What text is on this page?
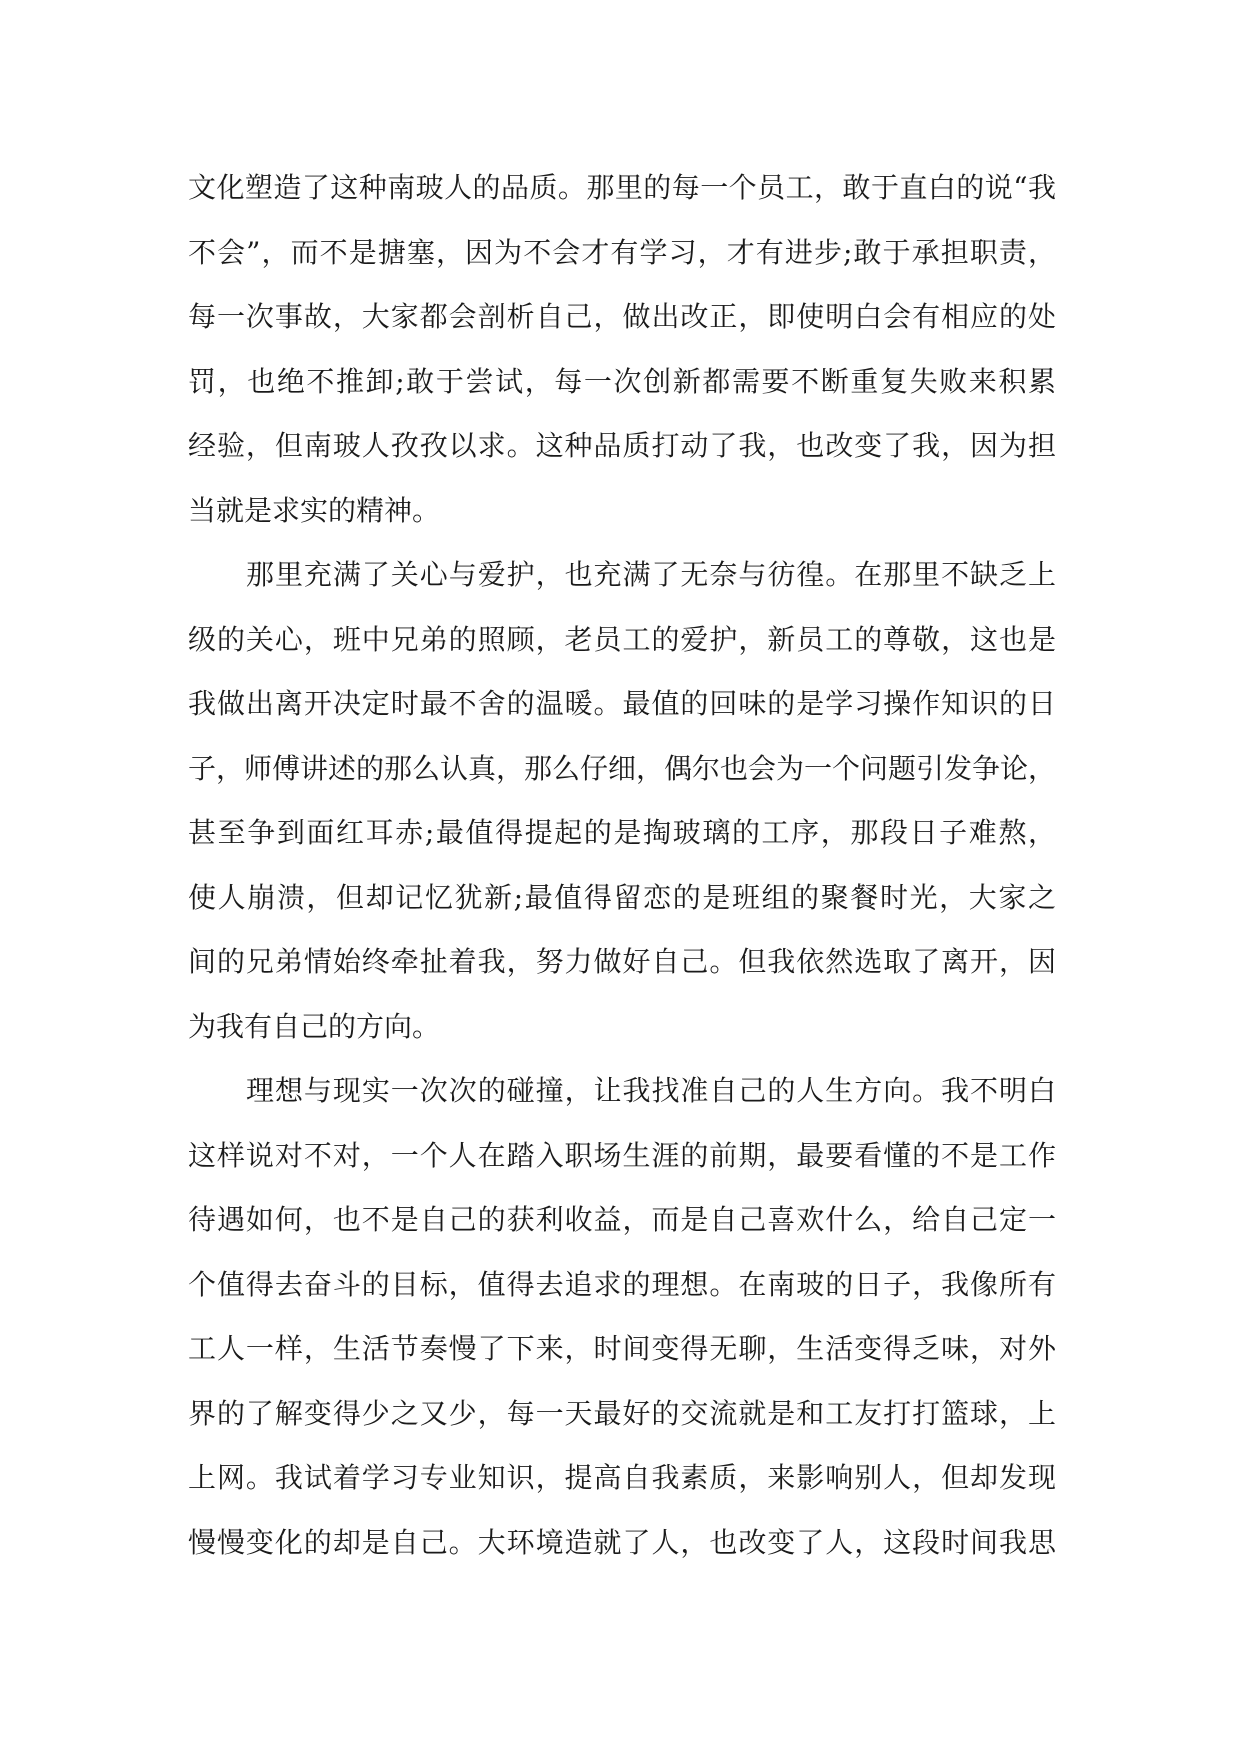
文化塑造了这种南玻人的品质。那里的每一个员工，敢于直白的说“我
不会”，而不是搪塞，因为不会才有学习，才有进步;敢于承担职责，
每一次事故，大家都会剖析自己，做出改正，即使明白会有相应的处
罚，也绝不推卸;敢于尝试，每一次创新都需要不断重复失败来积累
经验，但南玻人孜孜以求。这种品质打动了我，也改变了我，因为担
当就是求实的精神。
那里充满了关心与爱护，也充满了无奈与彷徨。在那里不缺乏上
级的关心，班中兄弟的照顾，老员工的爱护，新员工的尊敬，这也是
我做出离开决定时最不舍的温暖。最值的回味的是学习操作知识的日
子，师傅讲述的那么认真，那么仔细，偶尔也会为一个问题引发争论，
甚至争到面红耳赤;最值得提起的是掏玻璃的工序，那段日子难熬，
使人崩溃，但却记忆犹新;最值得留恋的是班组的聚餐时光，大家之
间的兄弟情始终牵扯着我，努力做好自己。但我依然选取了离开，因
为我有自己的方向。
理想与现实一次次的碰撞，让我找准自己的人生方向。我不明白
这样说对不对，一个人在踏入职场生涯的前期，最要看懂的不是工作
待遇如何，也不是自己的获利收益，而是自己喜欢什么，给自己定一
个值得去奋斗的目标，值得去追求的理想。在南玻的日子，我像所有
工人一样，生活节奏慢了下来，时间变得无聊，生活变得乏味，对外
界的了解变得少之又少，每一天最好的交流就是和工友打打篮球，上
上网。我试着学习专业知识，提高自我素质，来影响别人，但却发现
慢慢变化的却是自己。大环境造就了人，也改变了人，这段时间我思
